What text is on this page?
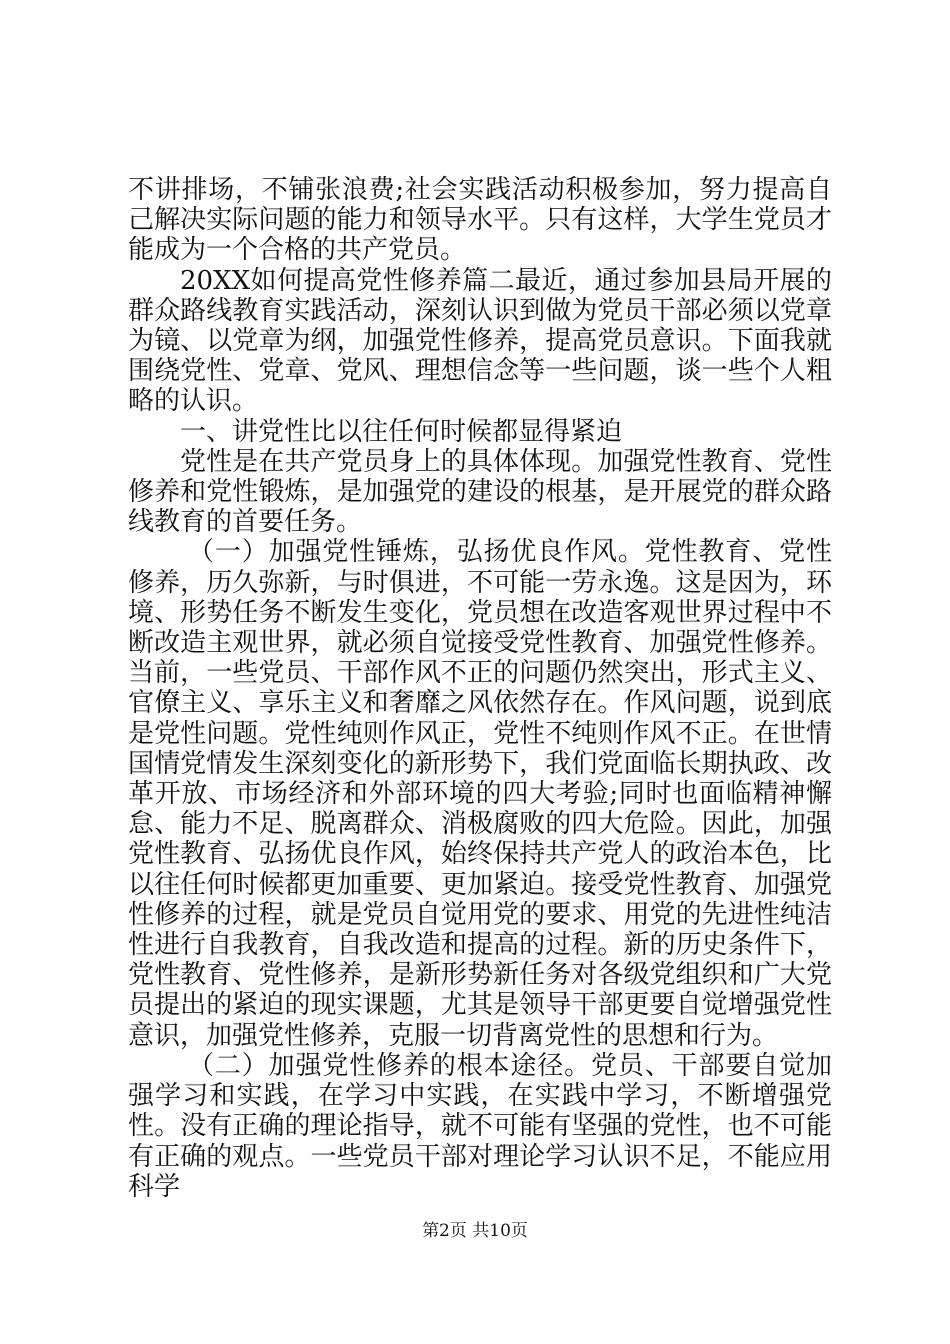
不讲排场，不铺张浪费;社会实践活动积极参加，努力提高自己解决实际问题的能力和领导水平。只有这样，大学生党员才能成为一个合格的共产党员。

20XX如何提高党性修养篇二最近，通过参加县局开展的群众路线教育实践活动，深刻认识到做为党员干部必须以党章为镜、以党章为纲，加强党性修养，提高党员意识。下面我就围绕党性、党章、党风、理想信念等一些问题，谈一些个人粗略的认识。

一、讲党性比以往任何时候都显得紧迫

党性是在共产党员身上的具体体现。加强党性教育、党性修养和党性锻炼，是加强党的建设的根基，是开展党的群众路线教育的首要任务。

（一）加强党性锤炼，弘扬优良作风。党性教育、党性修养，历久弥新，与时俱进，不可能一劳永逸。这是因为，环境、形势任务不断发生变化，党员想在改造客观世界过程中不断改造主观世界，就必须自觉接受党性教育、加强党性修养。当前，一些党员、干部作风不正的问题仍然突出，形式主义、官僚主义、享乐主义和奢靡之风依然存在。作风问题，说到底是党性问题。党性纯则作风正，党性不纯则作风不正。在世情国情党情发生深刻变化的新形势下，我们党面临长期执政、改革开放、市场经济和外部环境的四大考验;同时也面临精神懈怠、能力不足、脱离群众、消极腐败的四大危险。因此，加强党性教育、弘扬优良作风，始终保持共产党人的政治本色，比以往任何时候都更加重要、更加紧迫。接受党性教育、加强党性修养的过程，就是党员自觉用党的要求、用党的先进性纯洁性进行自我教育，自我改造和提高的过程。新的历史条件下，党性教育、党性修养，是新形势新任务对各级党组织和广大党员提出的紧迫的现实课题，尤其是领导干部更要自觉增强党性意识，加强党性修养，克服一切背离党性的思想和行为。

（二）加强党性修养的根本途径。党员、干部要自觉加强学习和实践，在学习中实践，在实践中学习，不断增强党性。没有正确的理论指导，就不可能有坚强的党性，也不可能有正确的观点。一些党员干部对理论学习认识不足，不能应用科学

第2页 共10页
